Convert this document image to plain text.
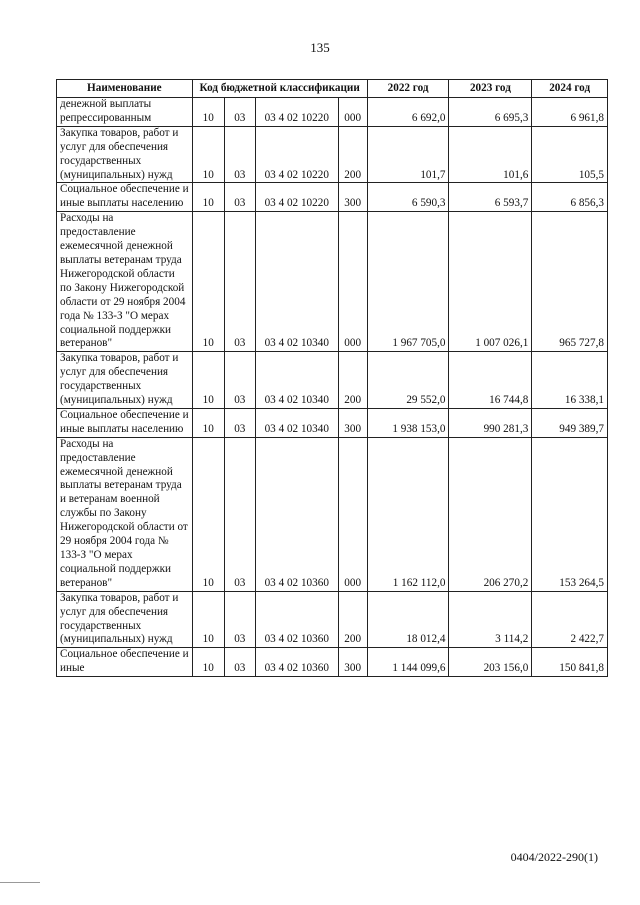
135
Наименование	Код бюджетной классификации				2022 год	2023 год	2024 год
денежной выплаты репрессированным	10	03	03 4 02 10220	000	6 692,0	6 695,3	6 961,8
Закупка товаров, работ и услуг для обеспечения государственных (муниципальных) нужд	10	03	03 4 02 10220	200	101,7	101,6	105,5
Социальное обеспечение и иные выплаты населению	10	03	03 4 02 10220	300	6 590,3	6 593,7	6 856,3
Расходы на предоставление ежемесячной денежной выплаты ветеранам труда Нижегородской области по Закону Нижегородской области от 29 ноября 2004 года № 133-З "О мерах социальной поддержки ветеранов"	10	03	03 4 02 10340	000	1 967 705,0	1 007 026,1	965 727,8
Закупка товаров, работ и услуг для обеспечения государственных (муниципальных) нужд	10	03	03 4 02 10340	200	29 552,0	16 744,8	16 338,1
Социальное обеспечение и иные выплаты населению	10	03	03 4 02 10340	300	1 938 153,0	990 281,3	949 389,7
Расходы на предоставление ежемесячной денежной выплаты ветеранам труда и ветеранам военной службы по Закону Нижегородской области от 29 ноября 2004 года № 133-З "О мерах социальной поддержки ветеранов"	10	03	03 4 02 10360	000	1 162 112,0	206 270,2	153 264,5
Закупка товаров, работ и услуг для обеспечения государственных (муниципальных) нужд	10	03	03 4 02 10360	200	18 012,4	3 114,2	2 422,7
Социальное обеспечение и иные	10	03	03 4 02 10360	300	1 144 099,6	203 156,0	150 841,8
0404/2022-290(1)
